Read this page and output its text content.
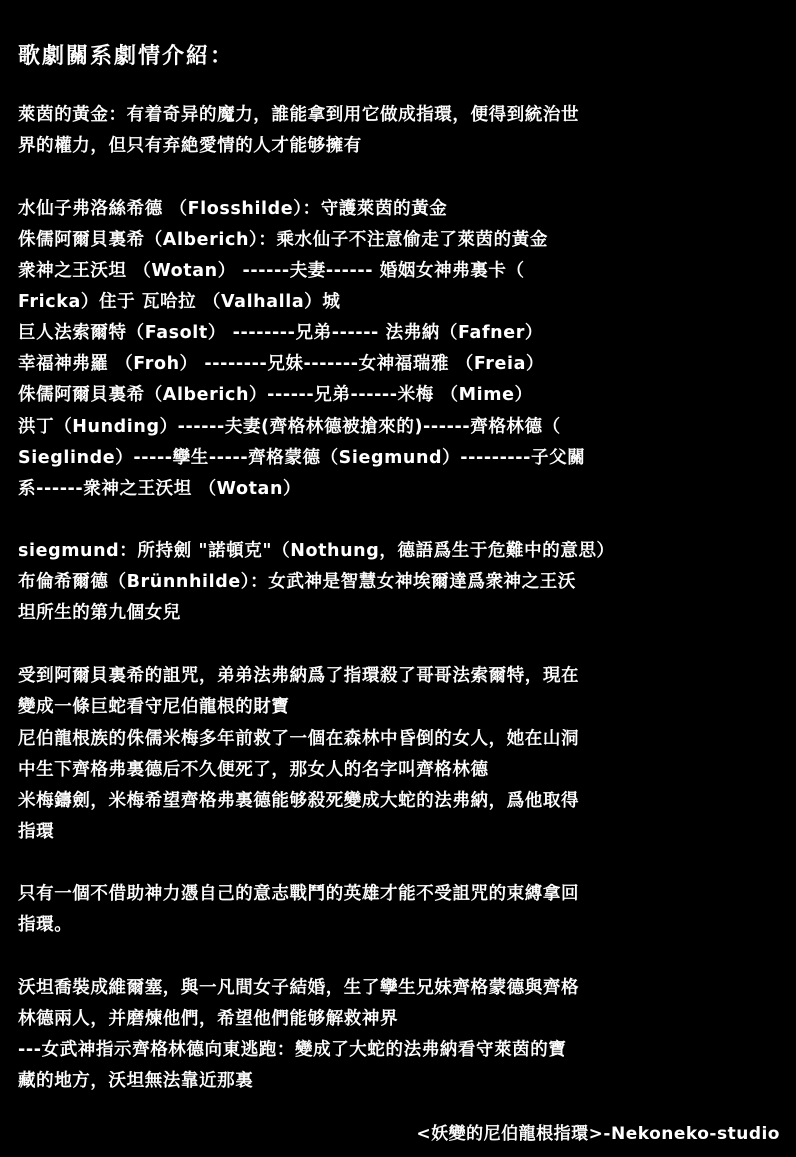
歌劇關系劇情介紹：
萊茵的黃金：有着奇异的魔力，誰能拿到用它做成指環，便得到統治世
界的權力，但只有弃絶愛情的人才能够擁有
水仙子弗洛絲希德 （Flosshilde）：守護萊茵的黃金
侏儒阿爾貝裏希（Alberich）：乘水仙子不注意偷走了萊茵的黃金
衆神之王沃坦 （Wotan） ------夫妻------ 婚姻女神弗裏卡（
Fricka）住于 瓦哈拉 （Valhalla）城
巨人法索爾特（Fasolt） --------兄弟------ 法弗納（Fafner）
幸福神弗羅 （Froh） --------兄妹-------女神福瑞雅 （Freia）
侏儒阿爾貝裏希（Alberich）------兄弟------米梅 （Mime）
洪丁（Hunding）------夫妻(齊格林德被搶來的)------齊格林德（
Sieglinde）-----孿生-----齊格蒙德（Siegmund）---------子父關
系------衆神之王沃坦 （Wotan）
siegmund：所持劍 "諾頓克"（Nothung，德語爲生于危難中的意思）
布倫希爾德（Brünnhilde）：女武神是智慧女神埃爾達爲衆神之王沃
坦所生的第九個女兒
受到阿爾貝裏希的詛咒，弟弟法弗納爲了指環殺了哥哥法索爾特，現在
變成一條巨蛇看守尼伯龍根的財寶
尼伯龍根族的侏儒米梅多年前救了一個在森林中昏倒的女人，她在山洞
中生下齊格弗裏德后不久便死了，那女人的名字叫齊格林德
米梅鑄劍，米梅希望齊格弗裏德能够殺死變成大蛇的法弗納，爲他取得
指環
只有一個不借助神力憑自己的意志戰鬥的英雄才能不受詛咒的束縛拿回
指環。
沃坦喬裝成維爾塞，與一凡間女子結婚，生了孿生兄妹齊格蒙德與齊格
林德兩人，并磨煉他們，希望他們能够解救神界
---女武神指示齊格林德向東逃跑：變成了大蛇的法弗納看守萊茵的寶
藏的地方，沃坦無法靠近那裏
<妖變的尼伯龍根指環>-Nekoneko-studio
